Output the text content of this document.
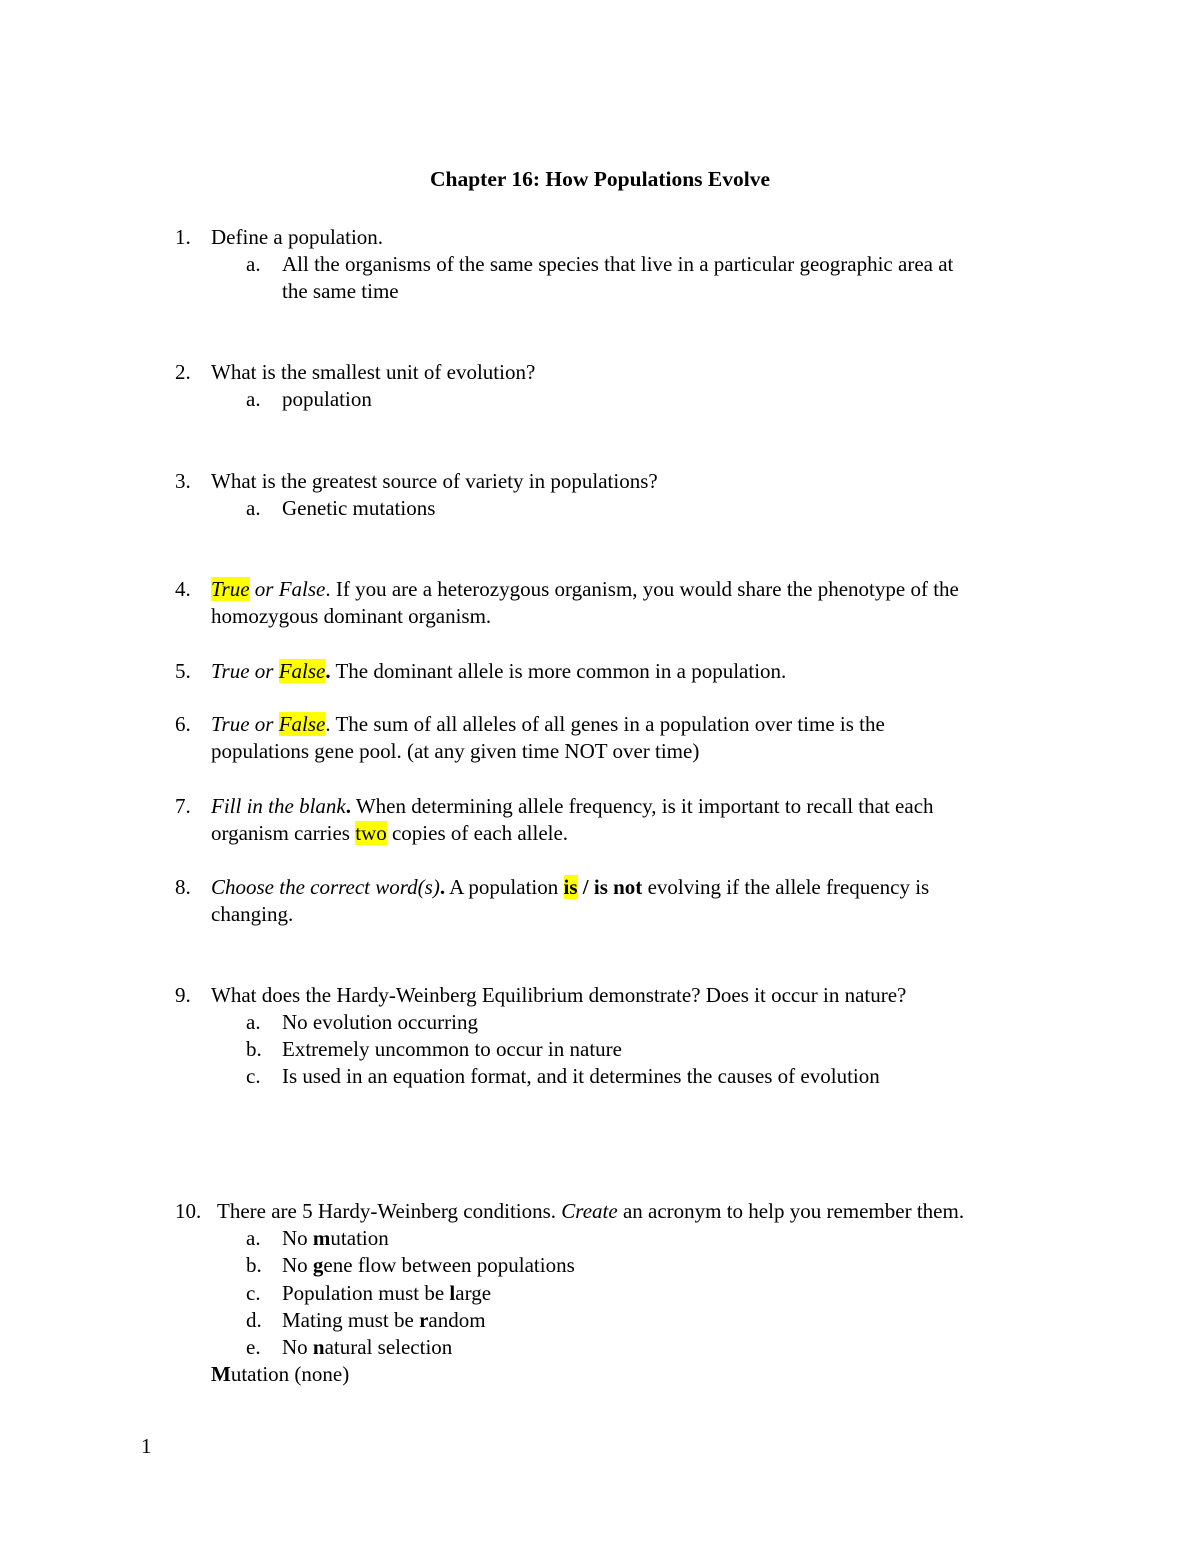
Chapter 16: How Populations Evolve
1. Define a population.
a. All the organisms of the same species that live in a particular geographic area at
the same time
2. What is the smallest unit of evolution?
a. population
3. What is the greatest source of variety in populations?
a. Genetic mutations
4. True or False. If you are a heterozygous organism, you would share the phenotype of the
homozygous dominant organism.
5. True or False. The dominant allele is more common in a population.
6. True or False. The sum of all alleles of all genes in a population over time is the
populations gene pool. (at any given time NOT over time)
7. Fill in the blank. When determining allele frequency, is it important to recall that each
organism carries two copies of each allele.
8. Choose the correct word(s). A population is / is not evolving if the allele frequency is
changing.
9. What does the Hardy-Weinberg Equilibrium demonstrate? Does it occur in nature?
a. No evolution occurring
b. Extremely uncommon to occur in nature
c. Is used in an equation format, and it determines the causes of evolution
10. There are 5 Hardy-Weinberg conditions. Create an acronym to help you remember them.
a. No mutation
b. No gene flow between populations
c. Population must be large
d. Mating must be random
e. No natural selection
Mutation (none)
1
